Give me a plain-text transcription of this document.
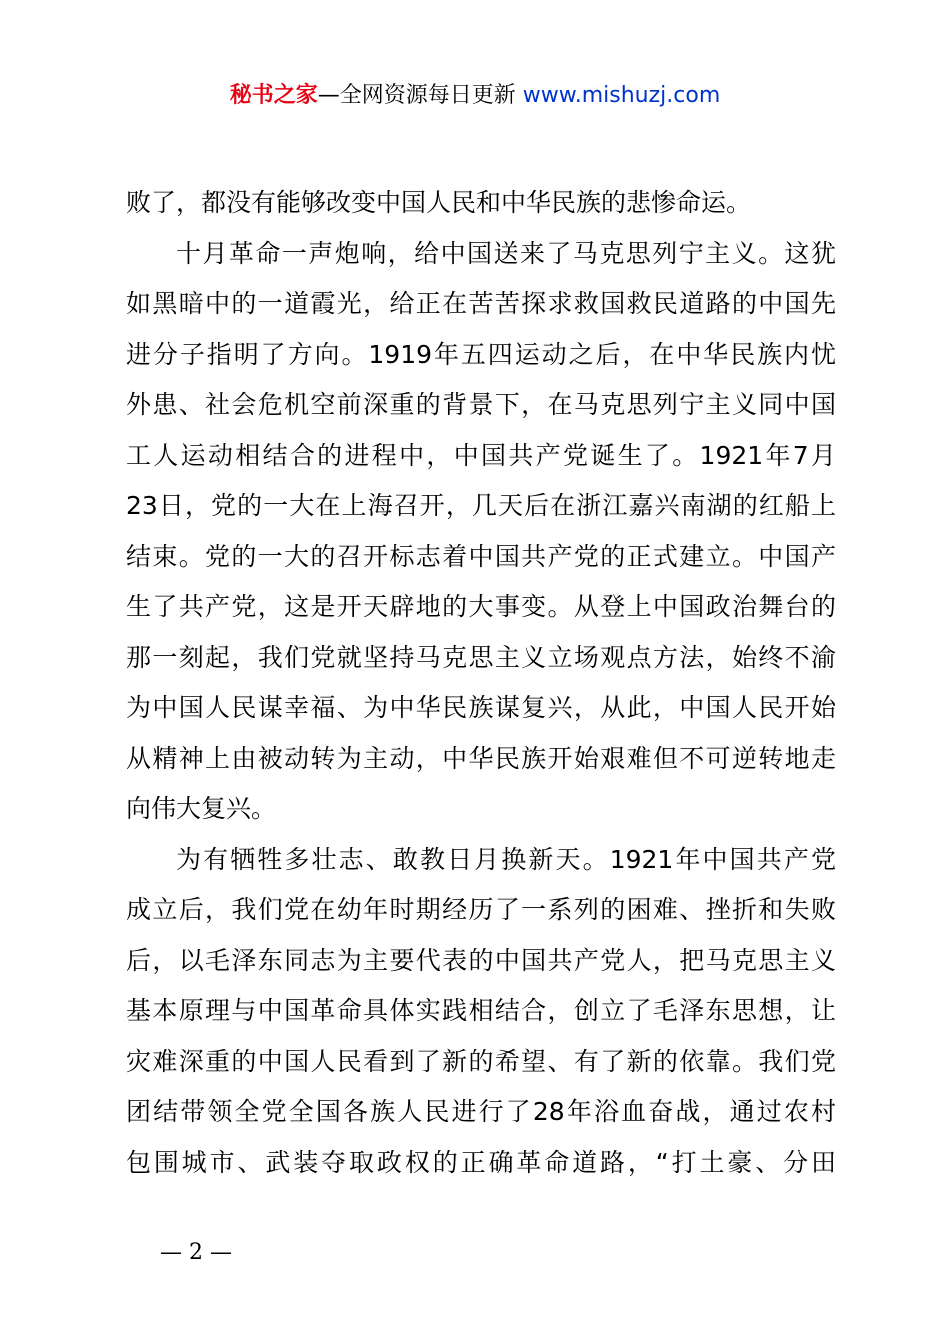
秘书之家—全网资源每日更新 www.mishuzj.com
败了，都没有能够改变中国人民和中华民族的悲惨命运。
十月革命一声炮响，给中国送来了马克思列宁主义。这犹
如黑暗中的一道霞光，给正在苦苦探求救国救民道路的中国先
进分子指明了方向。1919年五四运动之后，在中华民族内忧
外患、社会危机空前深重的背景下，在马克思列宁主义同中国
工人运动相结合的进程中，中国共产党诞生了。1921年7月
23日，党的一大在上海召开，几天后在浙江嘉兴南湖的红船上
结束。党的一大的召开标志着中国共产党的正式建立。中国产
生了共产党，这是开天辟地的大事变。从登上中国政治舞台的
那一刻起，我们党就坚持马克思主义立场观点方法，始终不渝
为中国人民谋幸福、为中华民族谋复兴，从此，中国人民开始
从精神上由被动转为主动，中华民族开始艰难但不可逆转地走
向伟大复兴。
为有牺牲多壮志、敢教日月换新天。1921年中国共产党
成立后，我们党在幼年时期经历了一系列的困难、挫折和失败
后，以毛泽东同志为主要代表的中国共产党人，把马克思主义
基本原理与中国革命具体实践相结合，创立了毛泽东思想，让
灾难深重的中国人民看到了新的希望、有了新的依靠。我们党
团结带领全党全国各族人民进行了28年浴血奋战，通过农村
包围城市、武装夺取政权的正确革命道路，“打土豪、分田
— 2 —
